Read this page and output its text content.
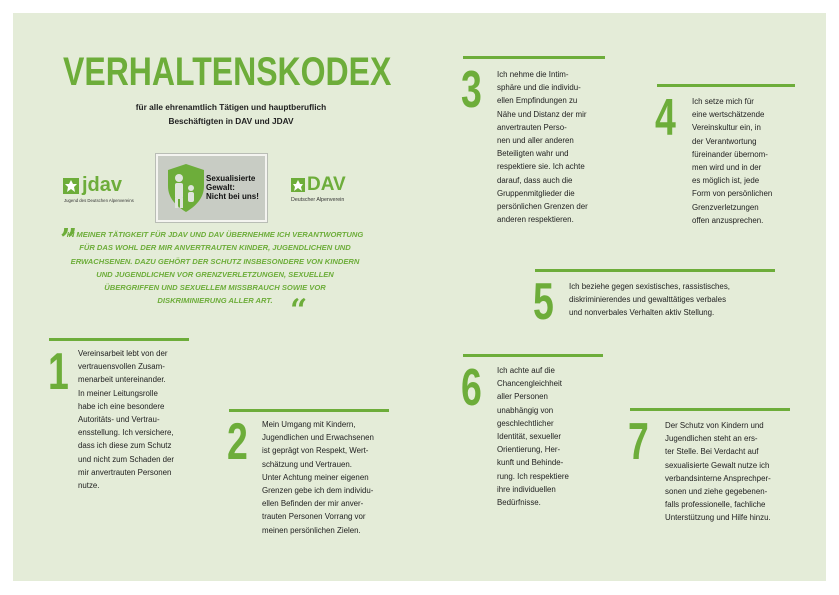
VERHALTENSKODEX
für alle ehrenamtlich Tätigen und hauptberuflich
Beschäftigten in DAV und JDAV
jdav
Jugend des Deutschen Alpenvereins
Sexualisierte
Gewalt:
Nicht bei uns!
DAV
Deutscher Alpenverein
”
IN MEINER TÄTIGKEIT FÜR JDAV UND DAV ÜBERNEHME ICH VERANTWORTUNG
FÜR DAS WOHL DER MIR ANVERTRAUTEN KINDER, JUGENDLICHEN UND
ERWACHSENEN. DAZU GEHÖRT DER SCHUTZ INSBESONDERE VON KINDERN
UND JUGENDLICHEN VOR GRENZVERLETZUNGEN, SEXUELLEN
ÜBERGRIFFEN UND SEXUELLEM MISSBRAUCH SOWIE VOR
DISKRIMINIERUNG ALLER ART. “
1 Vereinsarbeit lebt von der
vertrauensvollen Zusam-
menarbeit untereinander.
In meiner Leitungsrolle
habe ich eine besondere
Autoritäts- und Vertrau-
ensstellung. Ich versichere,
dass ich diese zum Schutz
und nicht zum Schaden der
mir anvertrauten Personen
nutze.
2 Mein Umgang mit Kindern,
Jugendlichen und Erwachsenen
ist geprägt von Respekt, Wert-
schätzung und Vertrauen.
Unter Achtung meiner eigenen
Grenzen gebe ich dem individu-
ellen Befinden der mir anver-
trauten Personen Vorrang vor
meinen persönlichen Zielen.
3 Ich nehme die Intim-
sphäre und die individu-
ellen Empfindungen zu
Nähe und Distanz der mir
anvertrauten Perso-
nen und aller anderen
Beteiligten wahr und
respektiere sie. Ich achte
darauf, dass auch die
Gruppenmitglieder die
persönlichen Grenzen der
anderen respektieren.
4 Ich setze mich für
eine wertschätzende
Vereinskultur ein, in
der Verantwortung
füreinander übernom-
men wird und in der
es möglich ist, jede
Form von persönlichen
Grenzverletzungen
offen anzusprechen.
5 Ich beziehe gegen sexistisches, rassistisches,
diskriminierendes und gewalttätiges verbales
und nonverbales Verhalten aktiv Stellung.
6 Ich achte auf die
Chancengleichheit
aller Personen
unabhängig von
geschlechtlicher
Identität, sexueller
Orientierung, Her-
kunft und Behinde-
rung. Ich respektiere
ihre individuellen
Bedürfnisse.
7 Der Schutz von Kindern und
Jugendlichen steht an ers-
ter Stelle. Bei Verdacht auf
sexualisierte Gewalt nutze ich
verbandsinterne Ansprechper-
sonen und ziehe gegebenen-
falls professionelle, fachliche
Unterstützung und Hilfe hinzu.
